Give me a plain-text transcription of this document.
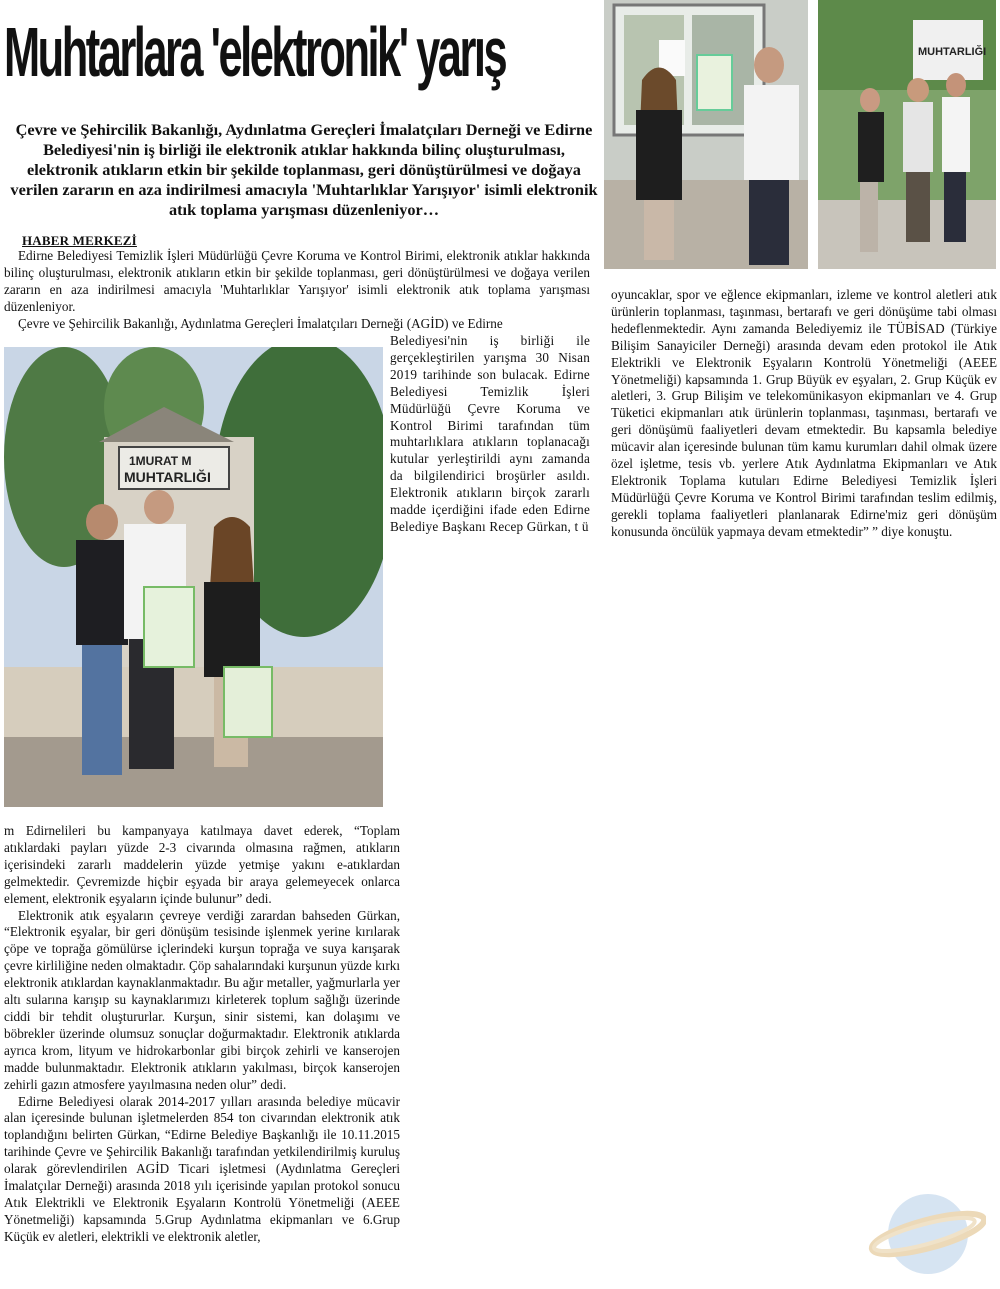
Muhtarlara 'elektronik' yarış	MUHTARLIĞI
Çevre ve Şehircilik Bakanlığı, Aydınlatma Gereçleri İmalatçıları Derneği ve Edirne Belediyesi'nin iş birliği ile elektronik atıklar hakkında bilinç oluşturulması, elektronik atıkların etkin bir şekilde toplanması, geri dönüştürülmesi ve doğaya verilen zararın en aza indirilmesi amacıyla 'Muhtarlıklar Yarışıyor' isimli elektronik atık toplama yarışması düzenleniyor…
HABER MERKEZİ

Edirne Belediyesi Temizlik İşleri Müdürlüğü Çevre Koruma ve Kontrol Birimi, elektronik atıklar hakkında bilinç oluşturulması, elektronik atıkların etkin bir şekilde toplanması, geri dönüştürülmesi ve doğaya verilen zararın en aza indirilmesi amacıyla 'Muhtarlıklar Yarışıyor' isimli elektronik atık toplama yarışması düzenleniyor.

Çevre ve Şehircilik Bakanlığı, Aydınlatma Gereçleri İmalatçıları Derneği (AGİD) ve Edirne

1MURAT M
MUHTARLIĞI

Belediyesi'nin iş birliği ile gerçekleştirilen yarışma 30 Nisan 2019 tarihinde son bulacak. Edirne Belediyesi Temizlik İşleri Müdürlüğü Çevre Koruma ve Kontrol Birimi tarafından tüm muhtarlıklara atıkların toplanacağı kutular yerleştirildi aynı zamanda da bilgilendirici broşürler asıldı. Elektronik atıkların birçok zararlı madde içerdiğini ifade eden Edirne Belediye Başkanı Recep Gürkan, t ü

oyuncaklar, spor ve eğlence ekipmanları, izleme ve kontrol aletleri atık ürünlerin toplanması, taşınması, bertarafı ve geri dönüşüme tabi olması hedeflenmektedir. Aynı zamanda Belediyemiz ile TÜBİSAD (Türkiye Bilişim Sanayiciler Derneği) arasında devam eden protokol ile Atık Elektrikli ve Elektronik Eşyaların Kontrolü Yönetmeliği (AEEE Yönetmeliği) kapsamında 1. Grup Büyük ev eşyaları, 2. Grup Küçük ev aletleri, 3. Grup Bilişim ve telekomünikasyon ekipmanları ve 4. Grup Tüketici ekipmanları atık ürünlerin toplanması, taşınması, bertarafı ve geri dönüşümü faaliyetleri devam etmektedir. Bu kapsamla belediye mücavir alan içeresinde bulunan tüm kamu kurumları dahil olmak üzere özel işletme, tesis vb. yerlere Atık Aydınlatma Ekipmanları ve Atık Elektronik Toplama kutuları Edirne Belediyesi Temizlik İşleri Müdürlüğü Çevre Koruma ve Kontrol Birimi tarafından teslim edilmiş, gerekli toplama faaliyetleri planlanarak Edirne'miz geri dönüşüm konusunda öncülük yapmaya devam etmektedir” ” diye konuştu.

m Edirnelileri bu kampanyaya katılmaya davet ederek, “Toplam atıklardaki payları yüzde 2-3 civarında olmasına rağmen, atıkların içerisindeki zararlı maddelerin yüzde yetmişe yakını e-atıklardan gelmektedir. Çevremizde hiçbir eşyada bir araya gelemeyecek onlarca element, elektronik eşyaların içinde bulunur” dedi.

Elektronik atık eşyaların çevreye verdiği zarardan bahseden Gürkan, “Elektronik eşyalar, bir geri dönüşüm tesisinde işlenmek yerine kırılarak çöpe ve toprağa gömülürse içlerindeki kurşun toprağa ve suya karışarak çevre kirliliğine neden olmaktadır. Çöp sahalarındaki kurşunun yüzde kırkı elektronik atıklardan kaynaklanmaktadır. Bu ağır metaller, yağmurlarla yer altı sularına karışıp su kaynaklarımızı kirleterek toplum sağlığı üzerinde ciddi bir tehdit oluştururlar. Kurşun, sinir sistemi, kan dolaşımı ve böbrekler üzerinde olumsuz sonuçlar doğurmaktadır. Elektronik atıklarda ayrıca krom, lityum ve hidrokarbonlar gibi birçok zehirli ve kanserojen madde bulunmaktadır. Elektronik atıkların yakılması, birçok kanserojen zehirli gazın atmosfere yayılmasına neden olur” dedi.

Edirne Belediyesi olarak 2014-2017 yılları arasında belediye mücavir alan içeresinde bulunan işletmelerden 854 ton civarından elektronik atık toplandığını belirten Gürkan, “Edirne Belediye Başkanlığı ile 10.11.2015 tarihinde Çevre ve Şehircilik Bakanlığı tarafından yetkilendirilmiş kuruluş olarak görevlendirilen AGİD Ticari işletmesi (Aydınlatma Gereçleri İmalatçılar Derneği) arasında 2018 yılı içerisinde yapılan protokol sonucu Atık Elektrikli ve Elektronik Eşyaların Kontrolü Yönetmeliği (AEEE Yönetmeliği) kapsamında 5.Grup Aydınlatma ekipmanları ve 6.Grup Küçük ev aletleri, elektrikli ve elektronik aletler,
